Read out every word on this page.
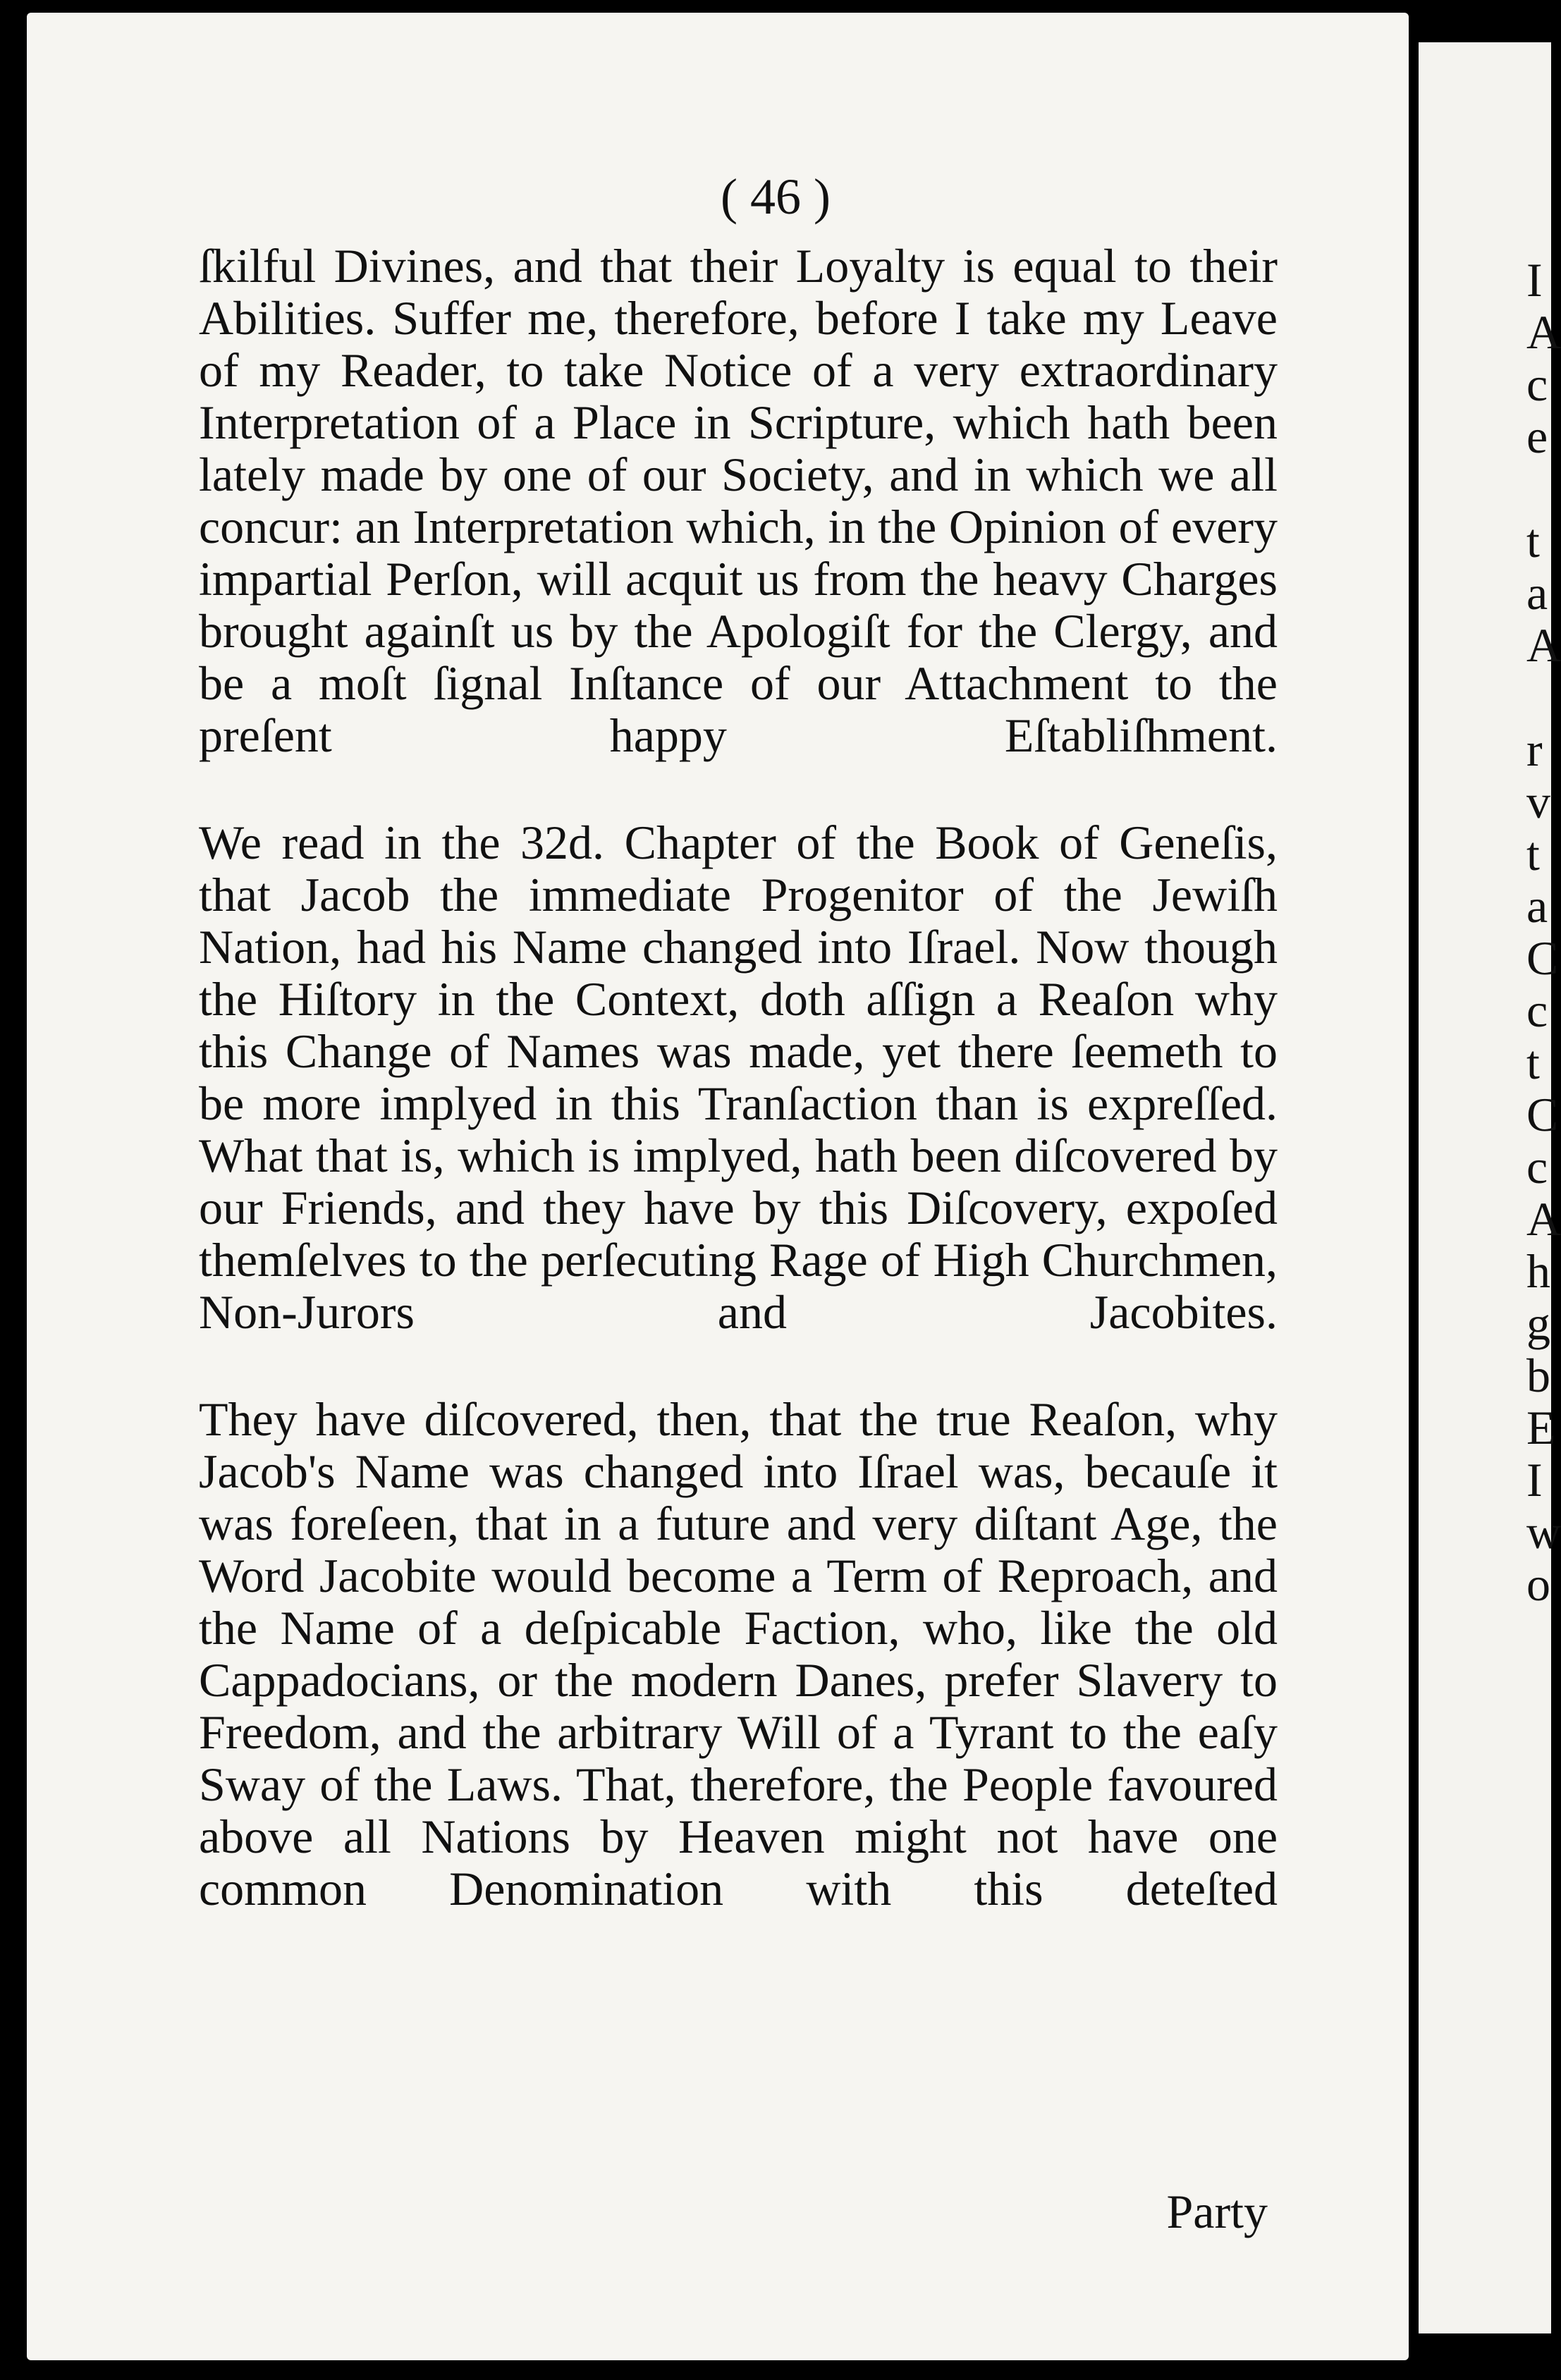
( 46 )

ſkilful Divines, and that their Loyalty is equal to their Abilities. Suffer me, therefore, before I take my Leave of my Reader, to take Notice of a very extraordinary Interpretation of a Place in Scripture, which hath been lately made by one of our Society, and in which we all concur: an Interpretation which, in the Opinion of every impartial Perſon, will acquit us from the heavy Charges brought againſt us by the Apologiſt for the Clergy, and be a moſt ſignal Inſtance of our Attachment to the preſent happy Eſtabliſhment.

We read in the 32d. Chapter of the Book of Geneſis, that Jacob the immediate Progenitor of the Jewiſh Nation, had his Name changed into Iſrael. Now though the Hiſtory in the Context, doth aſſign a Reaſon why this Change of Names was made, yet there ſeemeth to be more implyed in this Tranſaction than is expreſſed. What that is, which is implyed, hath been diſcovered by our Friends, and they have by this Diſcovery, expoſed themſelves to the perſecuting Rage of High Churchmen, Non-Jurors and Jacobites.

They have diſcovered, then, that the true Reaſon, why Jacob's Name was changed into Iſrael was, becauſe it was foreſeen, that in a future and very diſtant Age, the Word Jacobite would become a Term of Reproach, and the Name of a deſpicable Faction, who, like the old Cappadocians, or the modern Danes, prefer Slavery to Freedom, and the arbitrary Will of a Tyrant to the eaſy Sway of the Laws. That, therefore, the People favoured above all Nations by Heaven might not have one common Denomination with this deteſted

Party
I
A
c
e
t
a
A
r
v
t
a
C
c
t
C
c
A
h
g
b
E
I
w
o
